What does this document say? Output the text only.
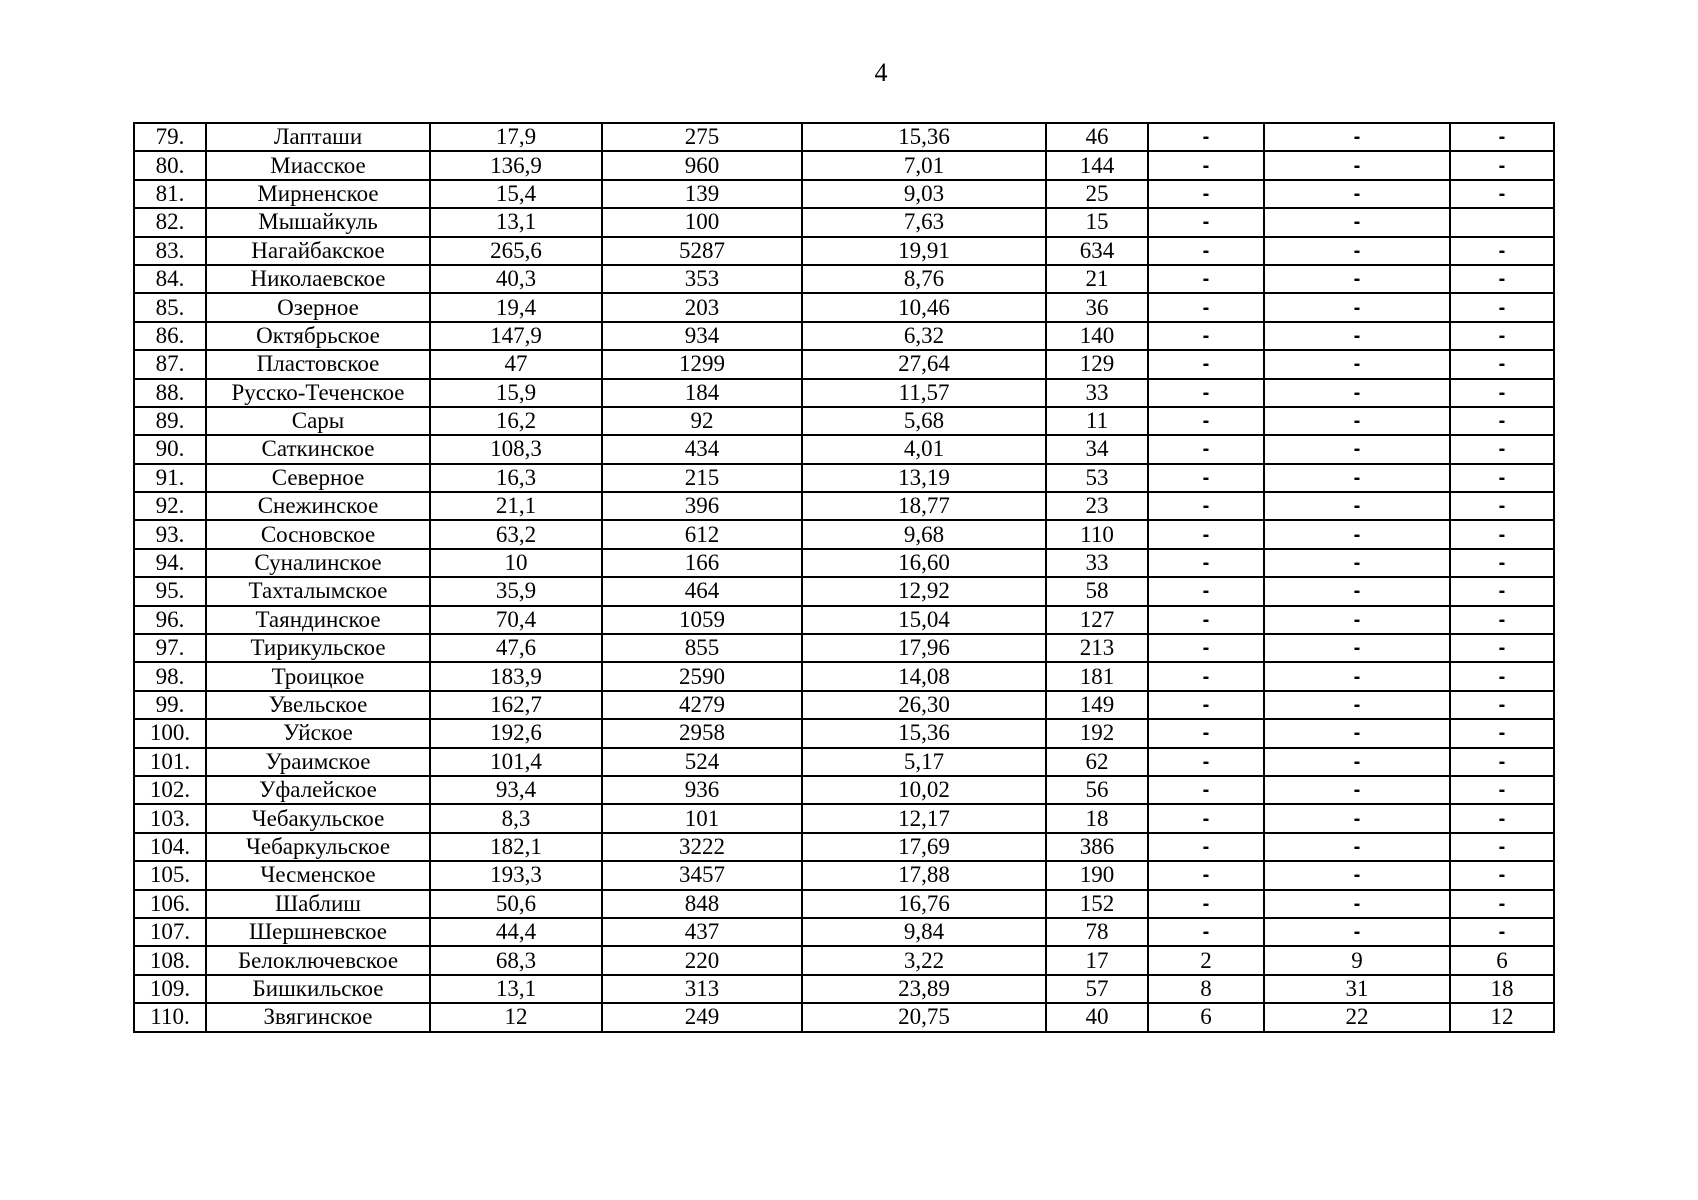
4
79.	Лапташи	17,9	275	15,36	46	-	-	-
80.	Миасское	136,9	960	7,01	144	-	-	-
81.	Мирненское	15,4	139	9,03	25	-	-	-
82.	Мышайкуль	13,1	100	7,63	15	-	-	
83.	Нагайбакское	265,6	5287	19,91	634	-	-	-
84.	Николаевское	40,3	353	8,76	21	-	-	-
85.	Озерное	19,4	203	10,46	36	-	-	-
86.	Октябрьское	147,9	934	6,32	140	-	-	-
87.	Пластовское	47	1299	27,64	129	-	-	-
88.	Русско-Теченское	15,9	184	11,57	33	-	-	-
89.	Сары	16,2	92	5,68	11	-	-	-
90.	Саткинское	108,3	434	4,01	34	-	-	-
91.	Северное	16,3	215	13,19	53	-	-	-
92.	Снежинское	21,1	396	18,77	23	-	-	-
93.	Сосновское	63,2	612	9,68	110	-	-	-
94.	Суналинское	10	166	16,60	33	-	-	-
95.	Тахталымское	35,9	464	12,92	58	-	-	-
96.	Таяндинское	70,4	1059	15,04	127	-	-	-
97.	Тирикульское	47,6	855	17,96	213	-	-	-
98.	Троицкое	183,9	2590	14,08	181	-	-	-
99.	Увельское	162,7	4279	26,30	149	-	-	-
100.	Уйское	192,6	2958	15,36	192	-	-	-
101.	Ураимское	101,4	524	5,17	62	-	-	-
102.	Уфалейское	93,4	936	10,02	56	-	-	-
103.	Чебакульское	8,3	101	12,17	18	-	-	-
104.	Чебаркульское	182,1	3222	17,69	386	-	-	-
105.	Чесменское	193,3	3457	17,88	190	-	-	-
106.	Шаблиш	50,6	848	16,76	152	-	-	-
107.	Шершневское	44,4	437	9,84	78	-	-	-
108.	Белоключевское	68,3	220	3,22	17	2	9	6
109.	Бишкильское	13,1	313	23,89	57	8	31	18
110.	Звягинское	12	249	20,75	40	6	22	12
